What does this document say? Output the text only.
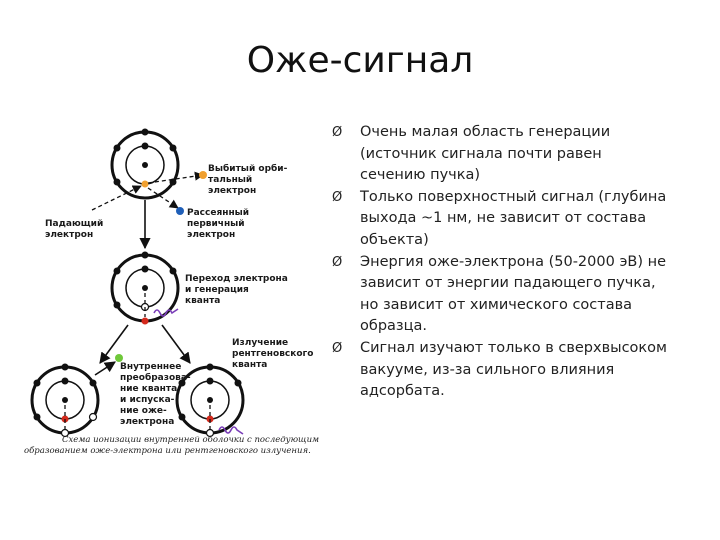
Оже-сигнал
Выбитый орби-тальный электрон
Падающий электрон
Рассеянный первичный электрон
Переход электрона и генерация кванта
Излучение рентгеновского кванта
Внутреннее преобразова-ние кванта и испуска-ние оже-электрона
Схема ионизации внутренней оболочки с последующим образованием оже-электрона или рентгеновского излучения.
Ø Очень малая область генерации
(источник сигнала почти равен
сечению пучка)
Ø Только поверхностный сигнал (глубина
выхода ~1 нм, не зависит от состава
объекта)
Ø Энергия оже-электрона (50-2000 эВ) не
зависит от энергии падающего пучка,
но зависит от химического состава
образца.
Ø Сигнал изучают только в сверхвысоком
вакууме, из-за сильного влияния
адсорбата.
